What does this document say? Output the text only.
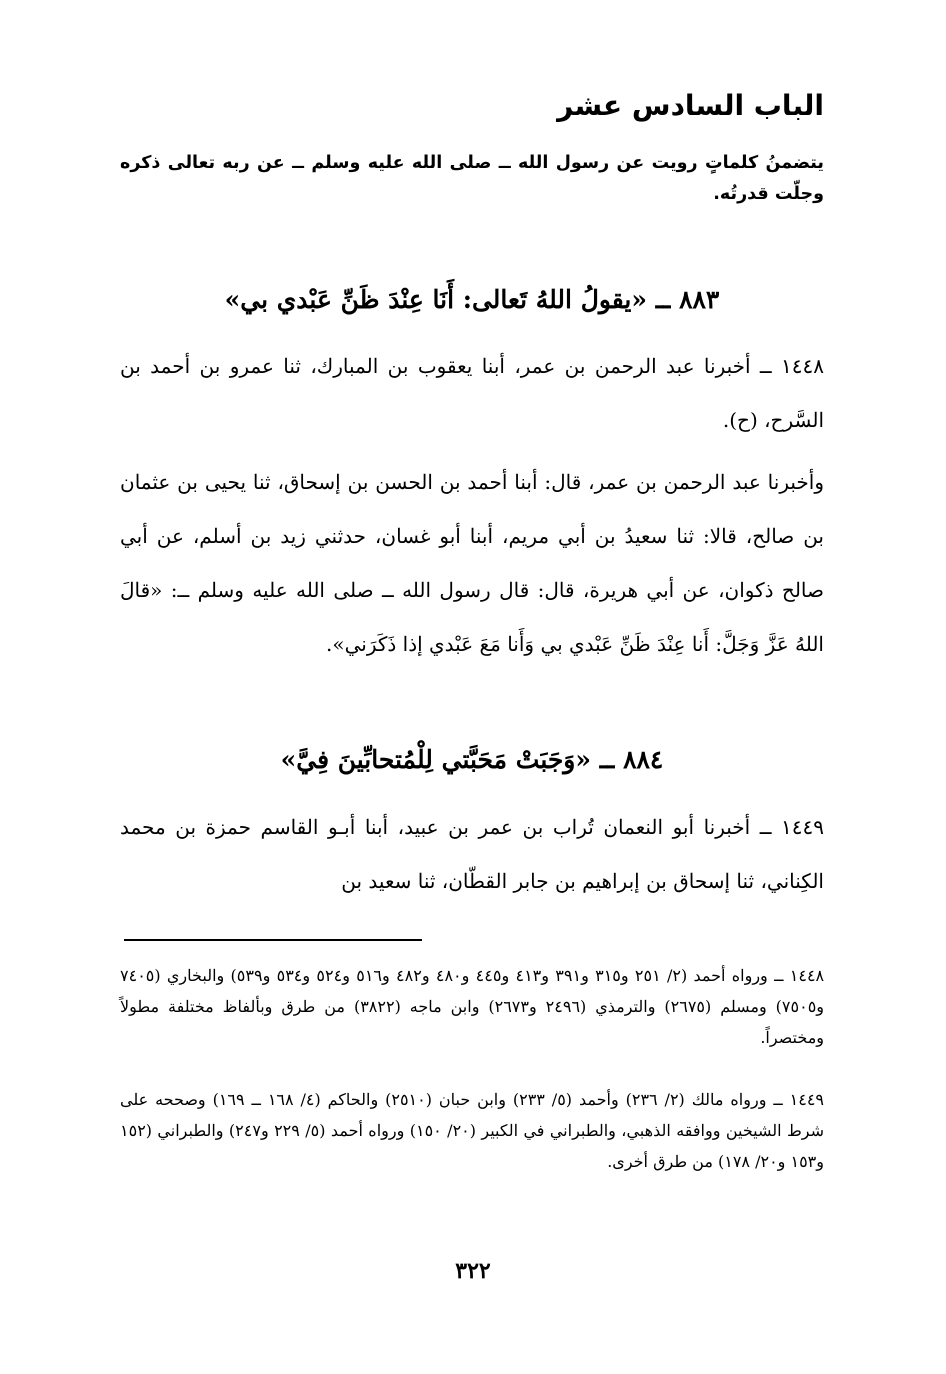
الباب السادس عشر

يتضمنُ كلماتٍ رويت عن رسول الله ــ صلى الله عليه وسلم ــ عن ربه تعالى ذكره وجلّت قدرتُه.

٨٨٣ ــ «يقولُ اللهُ تَعالى: أَنَا عِنْدَ ظَنِّ عَبْدي بي»

١٤٤٨ ــ أخبرنا عبد الرحمن بن عمر، أبنا يعقوب بن المبارك، ثنا عمرو بن أحمد بن السَّرح، (ح).

وأخبرنا عبد الرحمن بن عمر، قال: أبنا أحمد بن الحسن بن إسحاق، ثنا يحيى بن عثمان بن صالح، قالا: ثنا سعيدُ بن أبي مريم، أبنا أبو غسان، حدثني زيد بن أسلم، عن أبي صالح ذكوان، عن أبي هريرة، قال: قال رسول الله ــ صلى الله عليه وسلم ــ: «قالَ اللهُ عَزَّ وَجَلَّ: أَنا عِنْدَ ظَنِّ عَبْدي بي وَأَنا مَعَ عَبْدي إذا ذَكَرَني».

٨٨٤ ــ «وَجَبَتْ مَحَبَّتي لِلْمُتحابِّينَ فِيَّ»

١٤٤٩ ــ أخبرنا أبو النعمان تُراب بن عمر بن عبيد، أبنا أبـو القاسم حمزة بن محمد الكِناني، ثنا إسحاق بن إبراهيم بن جابر القطّان، ثنا سعيد بن

١٤٤٨ ــ ورواه أحمد (٢/ ٢٥١ و٣١٥ و٣٩١ و٤١٣ و٤٤٥ و٤٨٠ و٤٨٢ و٥١٦ و٥٢٤ و٥٣٤ و٥٣٩) والبخاري (٧٤٠٥ و٧٥٠٥) ومسلم (٢٦٧٥) والترمذي (٢٤٩٦ و٢٦٧٣) وابن ماجه (٣٨٢٢) من طرق وبألفاظ مختلفة مطولاً ومختصراً.

١٤٤٩ ــ ورواه مالك (٢/ ٢٣٦) وأحمد (٥/ ٢٣٣) وابن حبان (٢٥١٠) والحاكم (٤/ ١٦٨ ــ ١٦٩) وصححه على شرط الشيخين ووافقه الذهبي، والطبراني في الكبير (٢٠/ ١٥٠) ورواه أحمد (٥/ ٢٢٩ و٢٤٧) والطبراني (١٥٢ و١٥٣ و٢٠/ ١٧٨) من طرق أخرى.

٣٢٢
